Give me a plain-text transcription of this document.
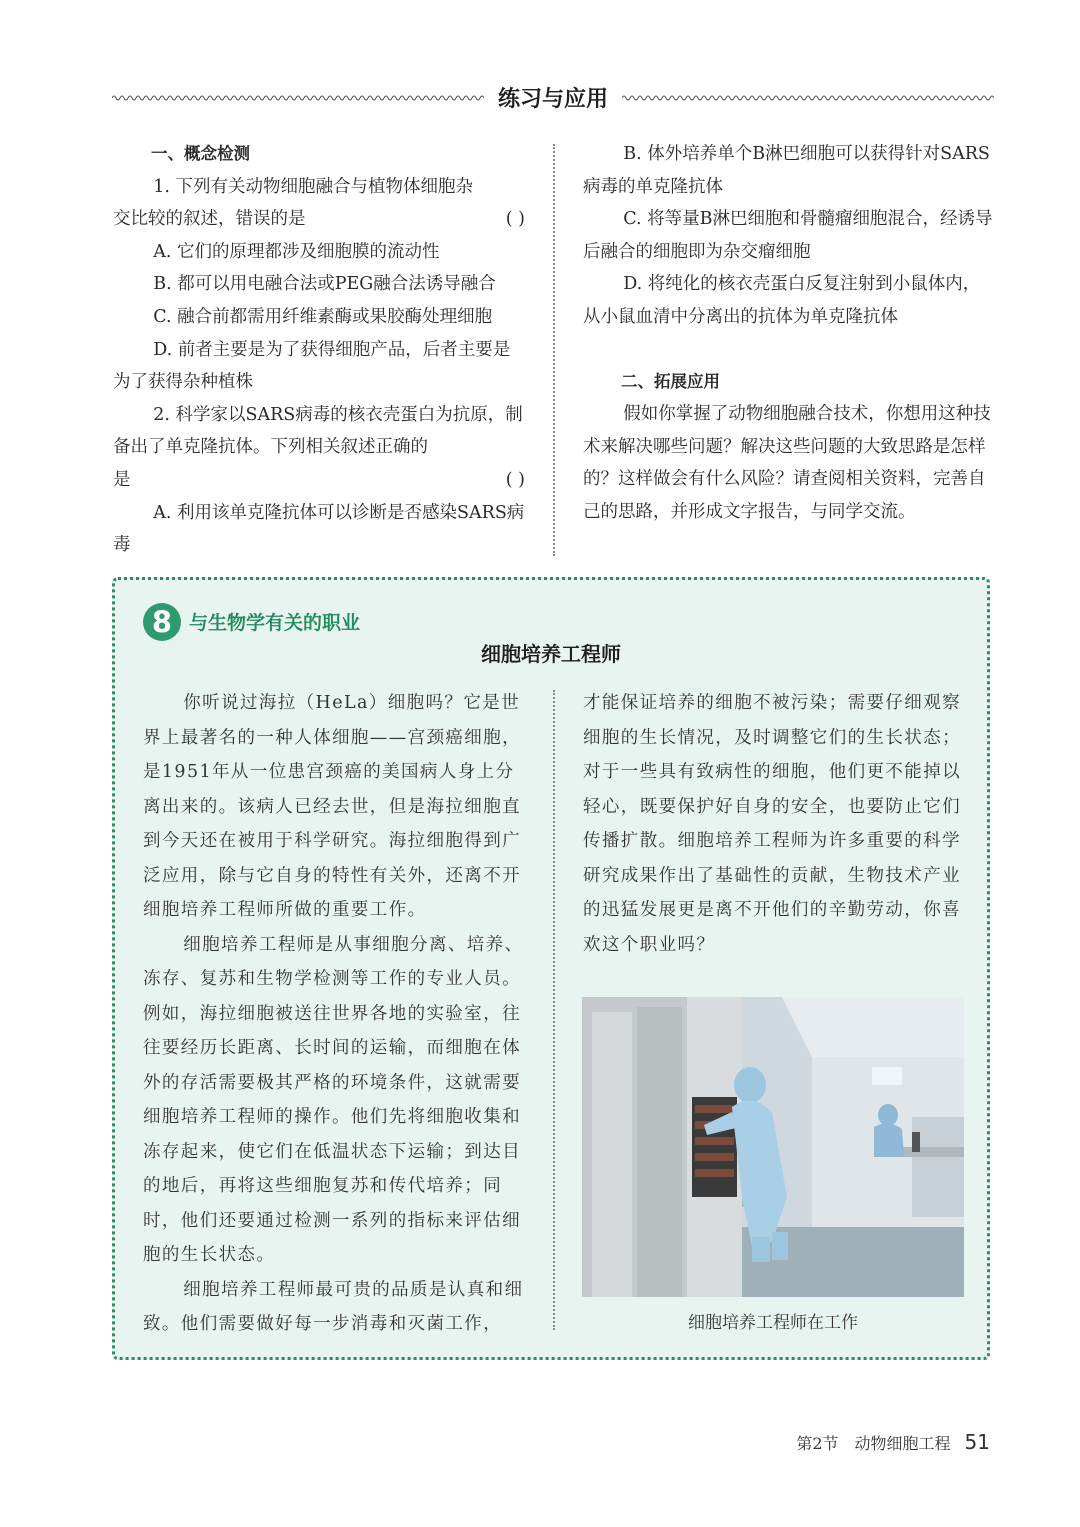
练习与应用

一、概念检测

1. 下列有关动物细胞融合与植物体细胞杂

交比较的叙述，错误的是	( )

A. 它们的原理都涉及细胞膜的流动性

B. 都可以用电融合法或PEG融合法诱导融合

C. 融合前都需用纤维素酶或果胶酶处理细胞

D. 前者主要是为了获得细胞产品，后者主要是为了获得杂种植株

2. 科学家以SARS病毒的核衣壳蛋白为抗原，制备出了单克隆抗体。下列相关叙述正确的

是	( )

A. 利用该单克隆抗体可以诊断是否感染SARS病毒

B. 体外培养单个B淋巴细胞可以获得针对SARS病毒的单克隆抗体

C. 将等量B淋巴细胞和骨髓瘤细胞混合，经诱导后融合的细胞即为杂交瘤细胞

D. 将纯化的核衣壳蛋白反复注射到小鼠体内，从小鼠血清中分离出的抗体为单克隆抗体

二、拓展应用

假如你掌握了动物细胞融合技术，你想用这种技术来解决哪些问题？解决这些问题的大致思路是怎样的？这样做会有什么风险？请查阅相关资料，完善自己的思路，并形成文字报告，与同学交流。

8 与生物学有关的职业
细胞培养工程师

你听说过海拉（HeLa）细胞吗？它是世界上最著名的一种人体细胞——宫颈癌细胞，是1951年从一位患宫颈癌的美国病人身上分离出来的。该病人已经去世，但是海拉细胞直到今天还在被用于科学研究。海拉细胞得到广泛应用，除与它自身的特性有关外，还离不开细胞培养工程师所做的重要工作。

细胞培养工程师是从事细胞分离、培养、冻存、复苏和生物学检测等工作的专业人员。例如，海拉细胞被送往世界各地的实验室，往往要经历长距离、长时间的运输，而细胞在体外的存活需要极其严格的环境条件，这就需要细胞培养工程师的操作。他们先将细胞收集和冻存起来，使它们在低温状态下运输；到达目的地后，再将这些细胞复苏和传代培养；同时，他们还要通过检测一系列的指标来评估细胞的生长状态。

细胞培养工程师最可贵的品质是认真和细致。他们需要做好每一步消毒和灭菌工作，

才能保证培养的细胞不被污染；需要仔细观察细胞的生长情况，及时调整它们的生长状态；对于一些具有致病性的细胞，他们更不能掉以轻心，既要保护好自身的安全，也要防止它们传播扩散。细胞培养工程师为许多重要的科学研究成果作出了基础性的贡献，生物技术产业的迅猛发展更是离不开他们的辛勤劳动，你喜欢这个职业吗？

细胞培养工程师在工作
第2节　动物细胞工程 51
